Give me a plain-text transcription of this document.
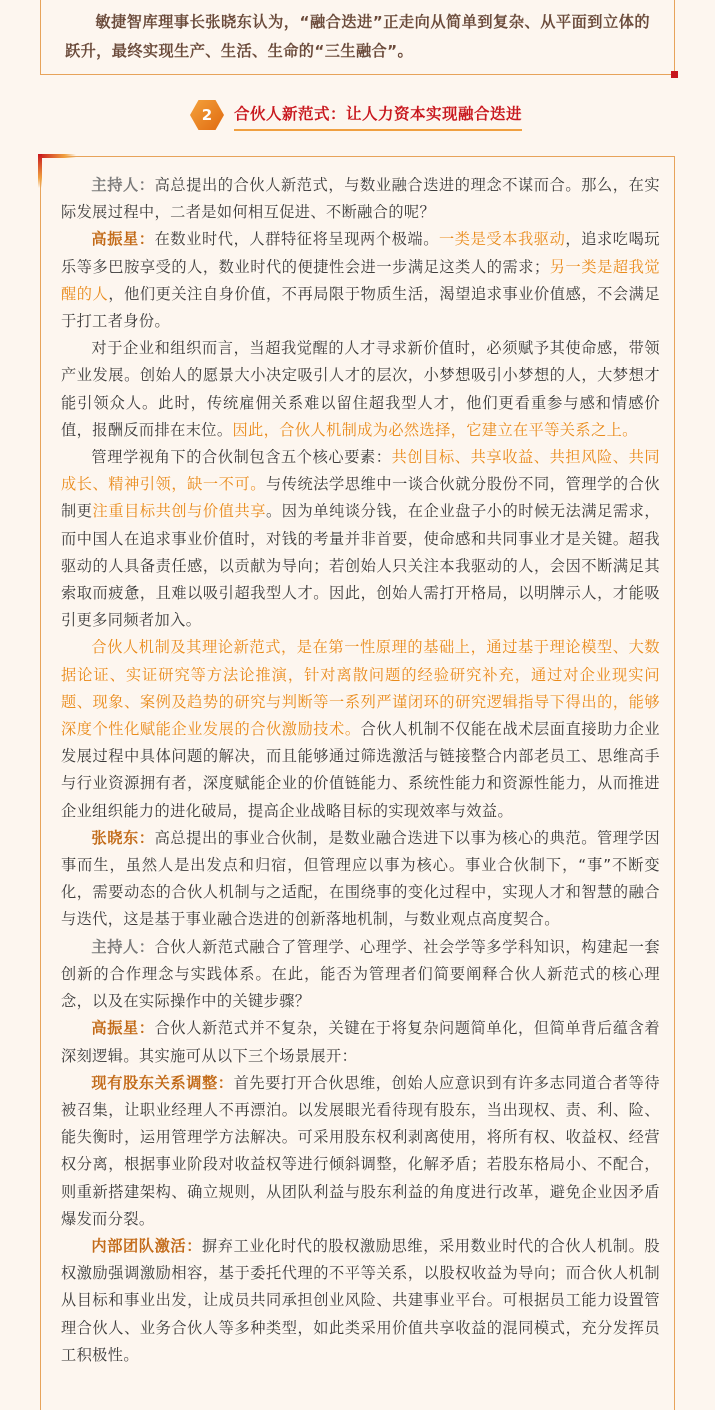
敏捷智库理事长张晓东认为，“融合迭进”正走向从简单到复杂、从平面到立体的跃升，最终实现生产、生活、生命的“三生融合”。

2 合伙人新范式：让人力资本实现融合迭进

主持人：高总提出的合伙人新范式，与数业融合迭进的理念不谋而合。那么，在实际发展过程中，二者是如何相互促进、不断融合的呢？

高振星：在数业时代，人群特征将呈现两个极端。一类是受本我驱动，追求吃喝玩乐等多巴胺享受的人，数业时代的便捷性会进一步满足这类人的需求；另一类是超我觉醒的人，他们更关注自身价值，不再局限于物质生活，渴望追求事业价值感，不会满足于打工者身份。

对于企业和组织而言，当超我觉醒的人才寻求新价值时，必须赋予其使命感，带领产业发展。创始人的愿景大小决定吸引人才的层次，小梦想吸引小梦想的人，大梦想才能引领众人。此时，传统雇佣关系难以留住超我型人才，他们更看重参与感和情感价值，报酬反而排在末位。因此，合伙人机制成为必然选择，它建立在平等关系之上。

管理学视角下的合伙制包含五个核心要素：共创目标、共享收益、共担风险、共同成长、精神引领，缺一不可。与传统法学思维中一谈合伙就分股份不同，管理学的合伙制更注重目标共创与价值共享。因为单纯谈分钱，在企业盘子小的时候无法满足需求，而中国人在追求事业价值时，对钱的考量并非首要，使命感和共同事业才是关键。超我驱动的人具备责任感，以贡献为导向；若创始人只关注本我驱动的人，会因不断满足其索取而疲惫，且难以吸引超我型人才。因此，创始人需打开格局，以明牌示人，才能吸引更多同频者加入。

合伙人机制及其理论新范式，是在第一性原理的基础上，通过基于理论模型、大数据论证、实证研究等方法论推演，针对离散问题的经验研究补充，通过对企业现实问题、现象、案例及趋势的研究与判断等一系列严谨闭环的研究逻辑指导下得出的，能够深度个性化赋能企业发展的合伙激励技术。合伙人机制不仅能在战术层面直接助力企业发展过程中具体问题的解决，而且能够通过筛选激活与链接整合内部老员工、思维高手与行业资源拥有者，深度赋能企业的价值链能力、系统性能力和资源性能力，从而推进企业组织能力的进化破局，提高企业战略目标的实现效率与效益。

张晓东：高总提出的事业合伙制，是数业融合迭进下以事为核心的典范。管理学因事而生，虽然人是出发点和归宿，但管理应以事为核心。事业合伙制下，“事”不断变化，需要动态的合伙人机制与之适配，在围绕事的变化过程中，实现人才和智慧的融合与迭代，这是基于事业融合迭进的创新落地机制，与数业观点高度契合。

主持人：合伙人新范式融合了管理学、心理学、社会学等多学科知识，构建起一套创新的合作理念与实践体系。在此，能否为管理者们简要阐释合伙人新范式的核心理念，以及在实际操作中的关键步骤？

高振星：合伙人新范式并不复杂，关键在于将复杂问题简单化，但简单背后蕴含着深刻逻辑。其实施可从以下三个场景展开：

现有股东关系调整：首先要打开合伙思维，创始人应意识到有许多志同道合者等待被召集，让职业经理人不再漂泊。以发展眼光看待现有股东，当出现权、责、利、险、能失衡时，运用管理学方法解决。可采用股东权利剥离使用，将所有权、收益权、经营权分离，根据事业阶段对收益权等进行倾斜调整，化解矛盾；若股东格局小、不配合，则重新搭建架构、确立规则，从团队利益与股东利益的角度进行改革，避免企业因矛盾爆发而分裂。

内部团队激活：摒弃工业化时代的股权激励思维，采用数业时代的合伙人机制。股权激励强调激励相容，基于委托代理的不平等关系，以股权收益为导向；而合伙人机制从目标和事业出发，让成员共同承担创业风险、共建事业平台。可根据员工能力设置管理合伙人、业务合伙人等多种类型，如此类采用价值共享收益的混同模式，充分发挥员工积极性。
